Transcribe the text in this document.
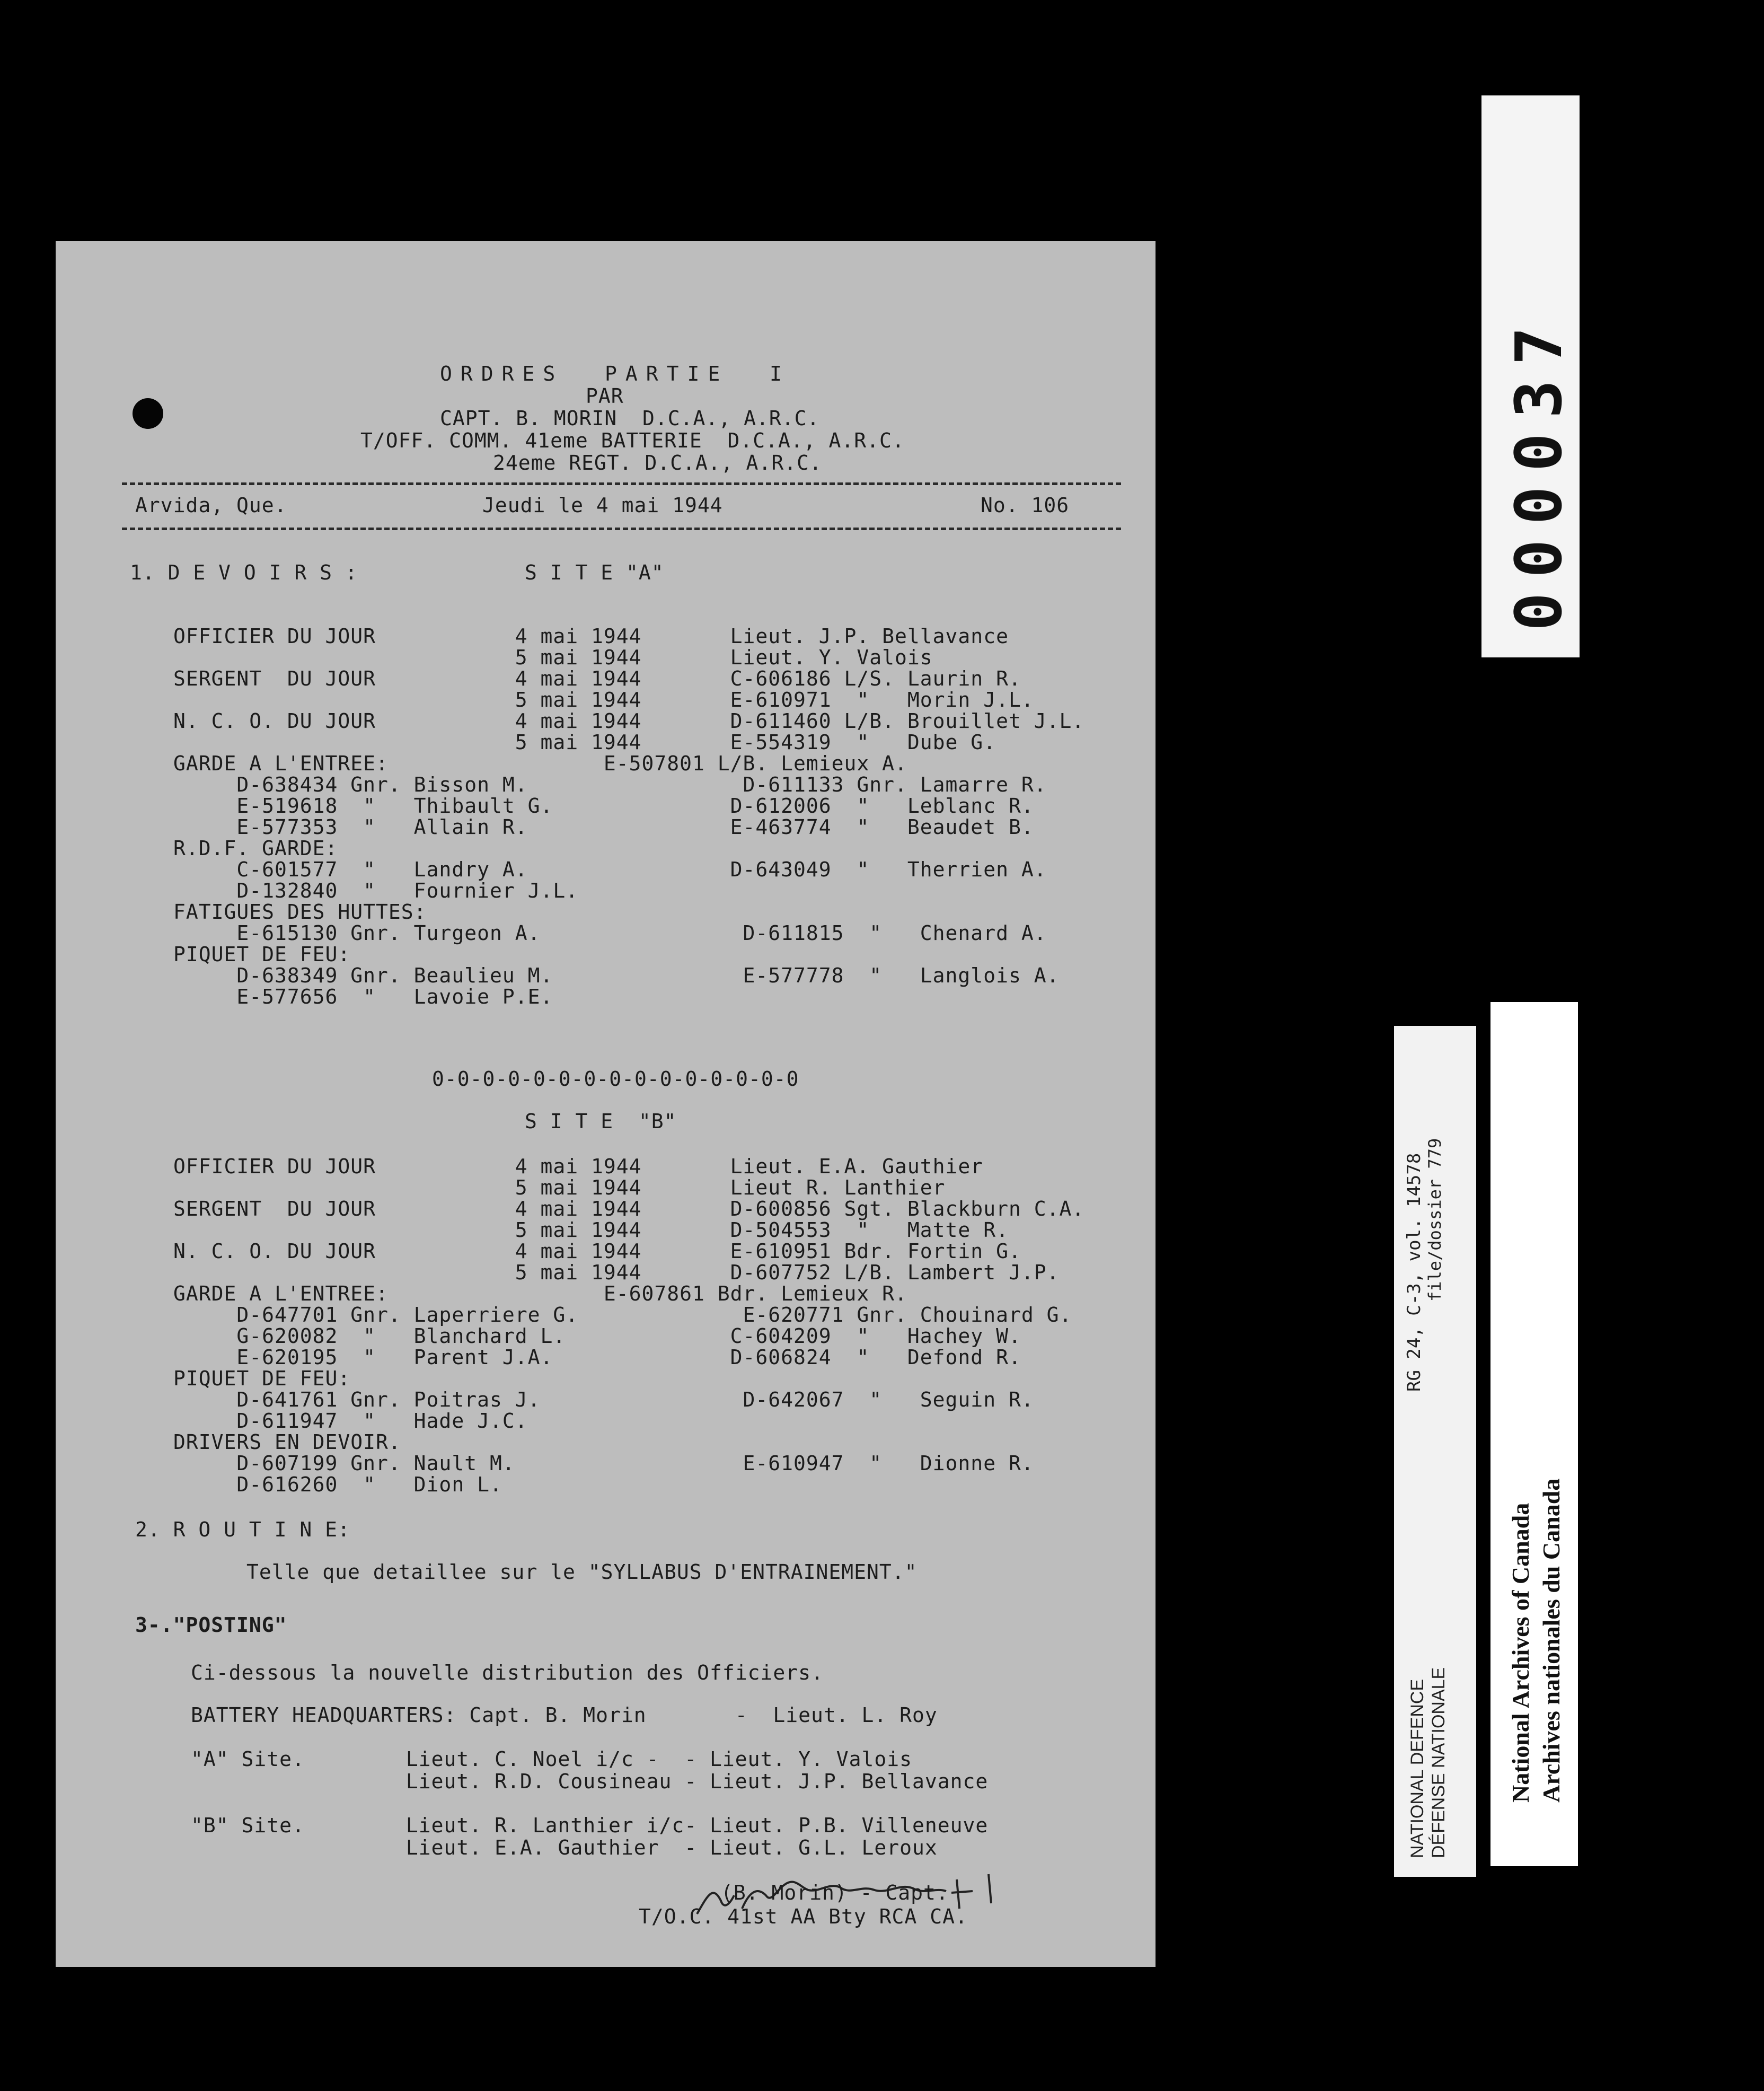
ORDRES  PARTIE  I
PAR
CAPT. B. MORIN  D.C.A., A.R.C.
T/OFF. COMM. 41eme BATTERIE  D.C.A., A.R.C.
24eme REGT. D.C.A., A.R.C.
Arvida, Que.	Jeudi le 4 mai 1944	No. 106
1. D E V O I R S :	S I T E "A"
OFFICIER DU JOUR           4 mai 1944       Lieut. J.P. Bellavance
5 mai 1944       Lieut. Y. Valois
SERGENT  DU JOUR           4 mai 1944       C-606186 L/S. Laurin R.
5 mai 1944       E-610971  "   Morin J.L.
N. C. O. DU JOUR           4 mai 1944       D-611460 L/B. Brouillet J.L.
5 mai 1944       E-554319  "   Dube G.
GARDE A L'ENTREE:                 E-507801 L/B. Lemieux A.
D-638434 Gnr. Bisson M.                 D-611133 Gnr. Lamarre R.
E-519618  "   Thibault G.              D-612006  "   Leblanc R.
E-577353  "   Allain R.                E-463774  "   Beaudet B.
R.D.F. GARDE:
C-601577  "   Landry A.                D-643049  "   Therrien A.
D-132840  "   Fournier J.L.
FATIGUES DES HUTTES:
E-615130 Gnr. Turgeon A.                D-611815  "   Chenard A.
PIQUET DE FEU:
D-638349 Gnr. Beaulieu M.               E-577778  "   Langlois A.
E-577656  "   Lavoie P.E.
0-0-0-0-0-0-0-0-0-0-0-0-0-0-0
S I T E  "B"
OFFICIER DU JOUR           4 mai 1944       Lieut. E.A. Gauthier
5 mai 1944       Lieut R. Lanthier
SERGENT  DU JOUR           4 mai 1944       D-600856 Sgt. Blackburn C.A.
5 mai 1944       D-504553  "   Matte R.
N. C. O. DU JOUR           4 mai 1944       E-610951 Bdr. Fortin G.
5 mai 1944       D-607752 L/B. Lambert J.P.
GARDE A L'ENTREE:                 E-607861 Bdr. Lemieux R.
D-647701 Gnr. Laperriere G.             E-620771 Gnr. Chouinard G.
G-620082  "   Blanchard L.             C-604209  "   Hachey W.
E-620195  "   Parent J.A.              D-606824  "   Defond R.
PIQUET DE FEU:
D-641761 Gnr. Poitras J.                D-642067  "   Seguin R.
D-611947  "   Hade J.C.
DRIVERS EN DEVOIR.
D-607199 Gnr. Nault M.                  E-610947  "   Dionne R.
D-616260  "   Dion L.
2. R O U T I N E:
Telle que detaillee sur le "SYLLABUS D'ENTRAINEMENT."
3-."POSTING"
Ci-dessous la nouvelle distribution des Officiers.
BATTERY HEADQUARTERS: Capt. B. Morin       -  Lieut. L. Roy
"A" Site.        Lieut. C. Noel i/c -  - Lieut. Y. Valois
Lieut. R.D. Cousineau - Lieut. J.P. Bellavance
"B" Site.        Lieut. R. Lanthier i/c- Lieut. P.B. Villeneuve
Lieut. E.A. Gauthier  - Lieut. G.L. Leroux
(B. Morin) - Capt.
T/O.C. 41st AA Bty RCA CA.
000037
RG 24, C-3, vol. 14578 file/dossier 779
NATIONAL DEFENCE DÉFENSE NATIONALE National Archives of Canada Archives nationales du Canada
